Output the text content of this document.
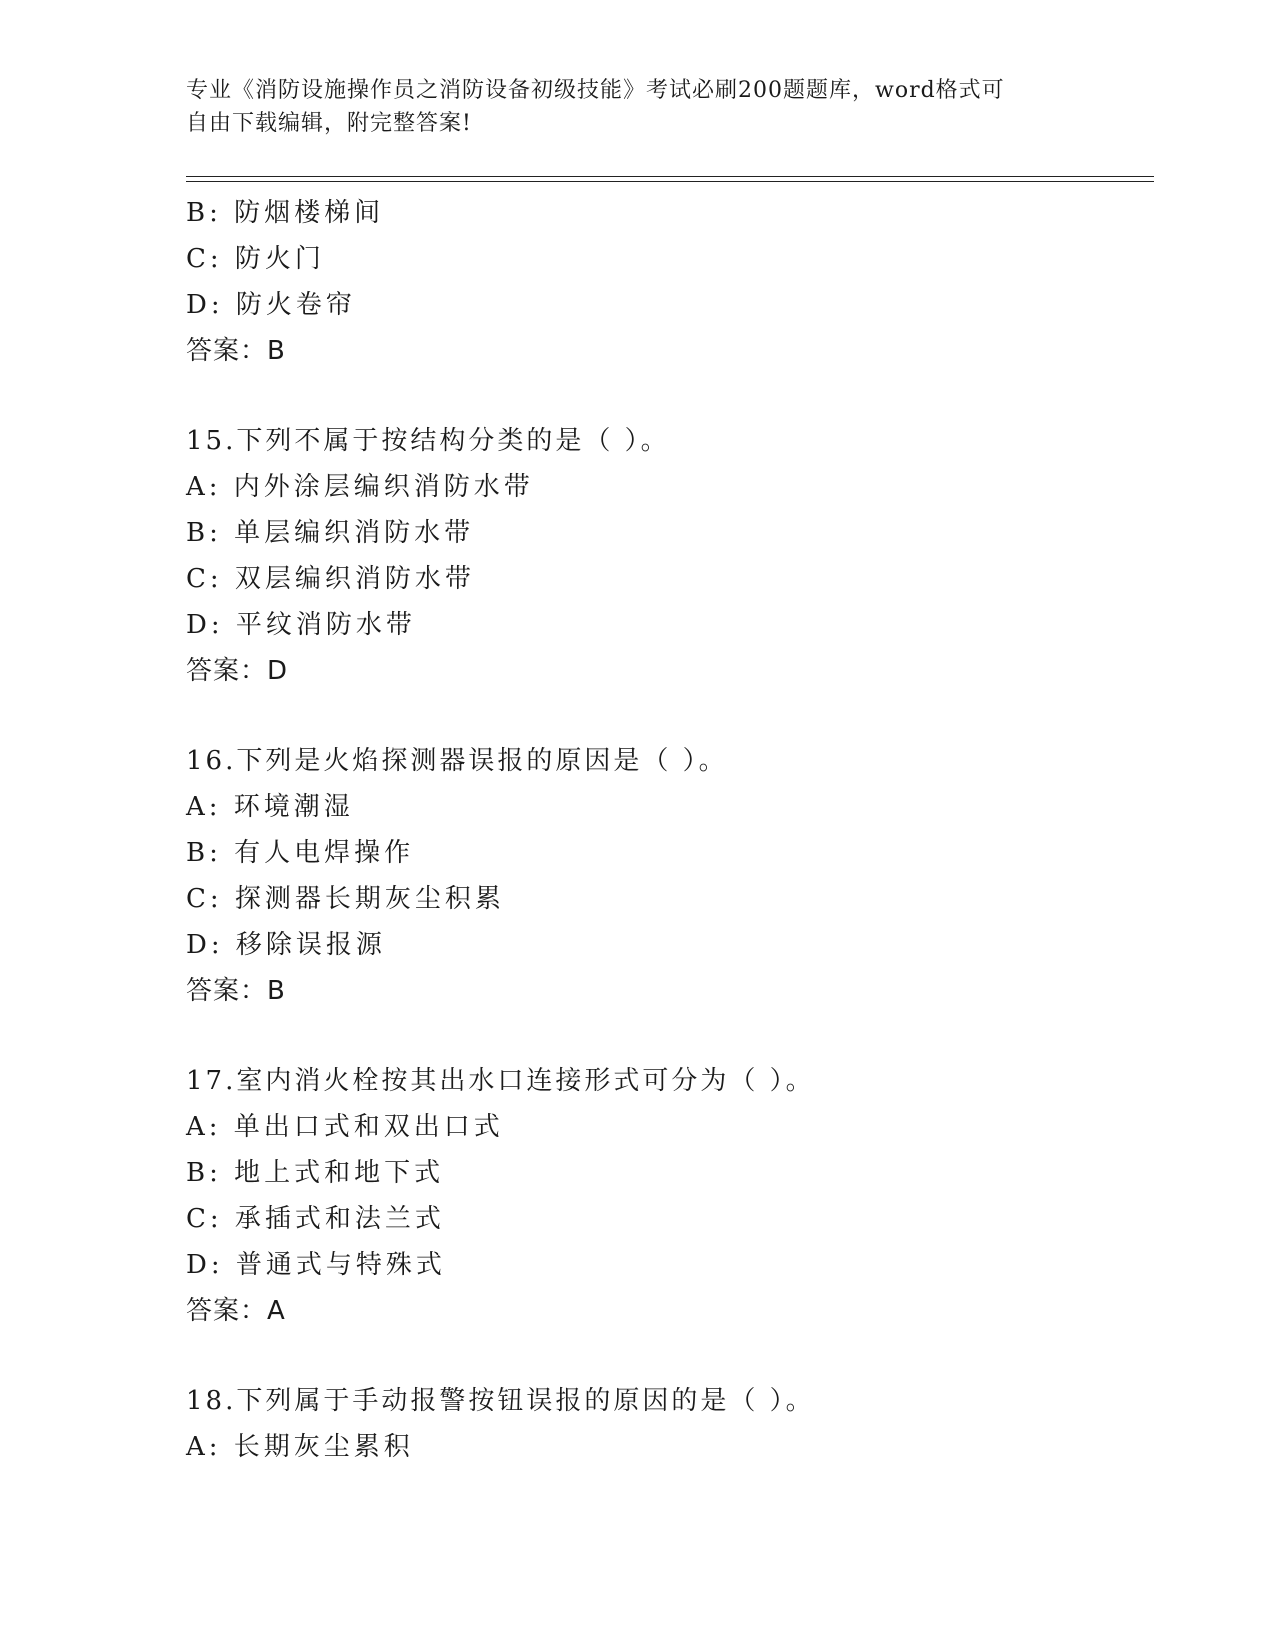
专业《消防设施操作员之消防设备初级技能》考试必刷200题题库，word格式可
自由下载编辑，附完整答案!
B: 防烟楼梯间
C: 防火门
D: 防火卷帘
答案：B
15.下列不属于按结构分类的是（ ）。
A: 内外涂层编织消防水带
B: 单层编织消防水带
C: 双层编织消防水带
D: 平纹消防水带
答案：D
16.下列是火焰探测器误报的原因是（ ）。
A: 环境潮湿
B: 有人电焊操作
C: 探测器长期灰尘积累
D: 移除误报源
答案：B
17.室内消火栓按其出水口连接形式可分为（ ）。
A: 单出口式和双出口式
B: 地上式和地下式
C: 承插式和法兰式
D: 普通式与特殊式
答案：A
18.下列属于手动报警按钮误报的原因的是（ ）。
A: 长期灰尘累积
